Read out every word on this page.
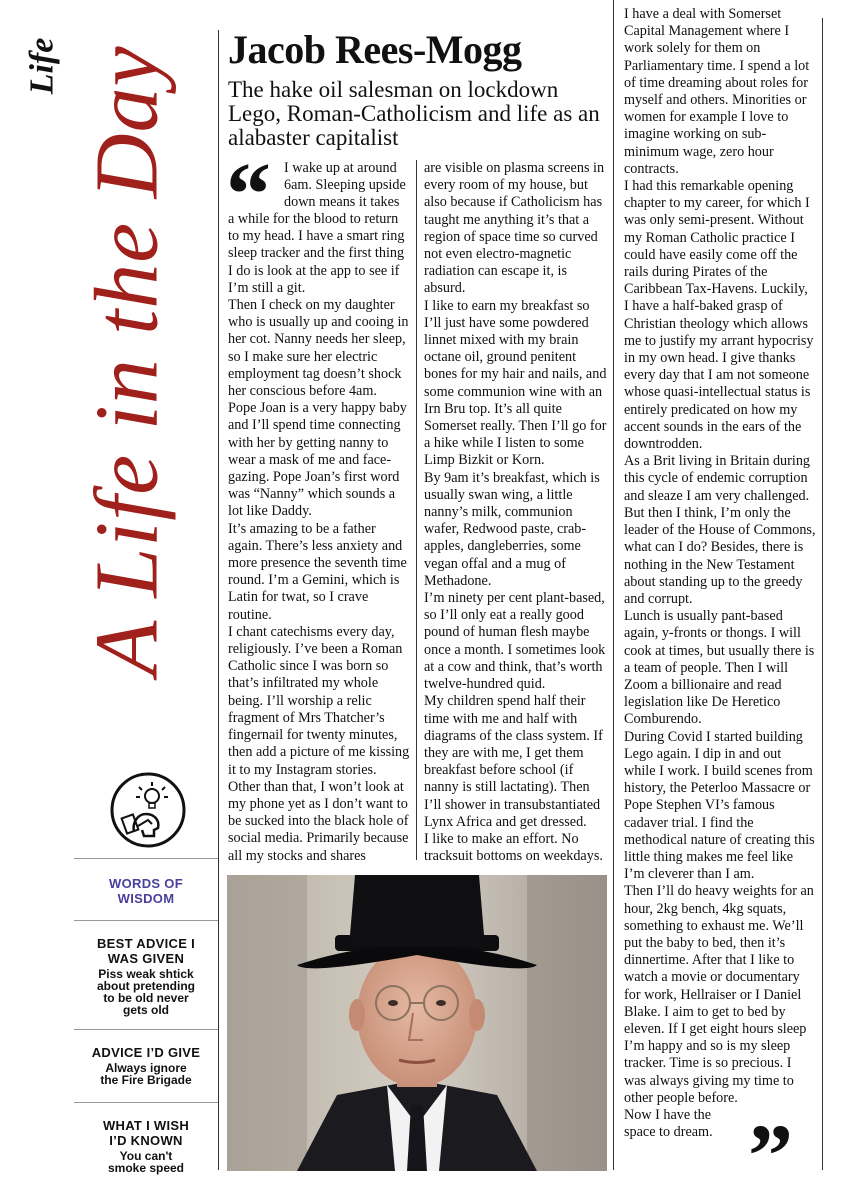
Life A Life in the Day
WORDS OF WISDOM
BEST ADVICE I WAS GIVEN
Piss weak shtick about pretending to be old never gets old
ADVICE I’D GIVE
Always ignore the Fire Brigade
WHAT I WISH I’D KNOWN
You can't smoke speed
Jacob Rees-Mogg
The hake oil salesman on lockdown Lego, Roman-Catholicism and life as an alabaster capitalist
“ I wake up at around
6am. Sleeping upside
down means it takes

a while for the blood to return to my head. I have a smart ring sleep tracker and the first thing I do is look at the app to see if I’m still a git.

Then I check on my daughter who is usually up and cooing in her cot. Nanny needs her sleep, so I make sure her electric employment tag doesn’t shock her conscious before 4am.

Pope Joan is a very happy baby and I’ll spend time connecting with her by getting nanny to wear a mask of me and face-gazing. Pope Joan’s first word was “Nanny” which sounds a lot like Daddy.

It’s amazing to be a father again. There’s less anxiety and more presence the seventh time round. I’m a Gemini, which is Latin for twat, so I crave routine.

I chant catechisms every day, religiously. I’ve been a Roman Catholic since I was born so that’s infiltrated my whole being. I’ll worship a relic fragment of Mrs Thatcher’s fingernail for twenty minutes, then add a picture of me kissing it to my Instagram stories.

Other than that, I won’t look at my phone yet as I don’t want to be sucked into the black hole of social media. Primarily because all my stocks and shares

are visible on plasma screens in every room of my house, but also because if Catholicism has taught me anything it’s that a region of space time so curved not even electro-magnetic radiation can escape it, is absurd.

I like to earn my breakfast so I’ll just have some powdered linnet mixed with my brain octane oil, ground penitent bones for my hair and nails, and some communion wine with an Irn Bru top. It’s all quite Somerset really. Then I’ll go for a hike while I listen to some Limp Bizkit or Korn.

By 9am it’s breakfast, which is usually swan wing, a little nanny’s milk, communion wafer, Redwood paste, crab-apples, dangleberries, some vegan offal and a mug of Methadone.

I’m ninety per cent plant-based, so I’ll only eat a really good pound of human flesh maybe once a month. I sometimes look at a cow and think, that’s worth twelve-hundred quid.

My children spend half their time with me and half with diagrams of the class system. If they are with me, I get them breakfast before school (if nanny is still lactating). Then I’ll shower in transubstantiated Lynx Africa and get dressed.

I like to make an effort. No tracksuit bottoms on weekdays.

I have a deal with Somerset Capital Management where I work solely for them on Parliamentary time. I spend a lot of time dreaming about roles for myself and others. Minorities or women for example I love to imagine working on sub-minimum wage, zero hour contracts.

I had this remarkable opening chapter to my career, for which I was only semi-present. Without my Roman Catholic practice I could have easily come off the rails during Pirates of the Caribbean Tax-Havens. Luckily, I have a half-baked grasp of Christian theology which allows me to justify my arrant hypocrisy in my own head. I give thanks every day that I am not someone whose quasi-intellectual status is entirely predicated on how my accent sounds in the ears of the downtrodden.

As a Brit living in Britain during this cycle of endemic corruption and sleaze I am very challenged. But then I think, I’m only the leader of the House of Commons, what can I do? Besides, there is nothing in the New Testament about standing up to the greedy and corrupt.

Lunch is usually pant-based again, y-fronts or thongs. I will cook at times, but usually there is a team of people. Then I will Zoom a billionaire and read legislation like De Heretico Comburendo.

During Covid I started building Lego again. I dip in and out while I work. I build scenes from history, the Peterloo Massacre or Pope Stephen VI’s famous cadaver trial. I find the methodical nature of creating this little thing makes me feel like I’m cleverer than I am.

Then I’ll do heavy weights for an hour, 2kg bench, 4kg squats, something to exhaust me. We’ll put the baby to bed, then it’s dinnertime. After that I like to watch a movie or documentary for work, Hellraiser or I Daniel Blake. I aim to get to bed by eleven. If I get eight hours sleep I’m happy and so is my sleep tracker. Time is so precious. I was always giving my time to other people before.

Now I have the space to dream. ”
